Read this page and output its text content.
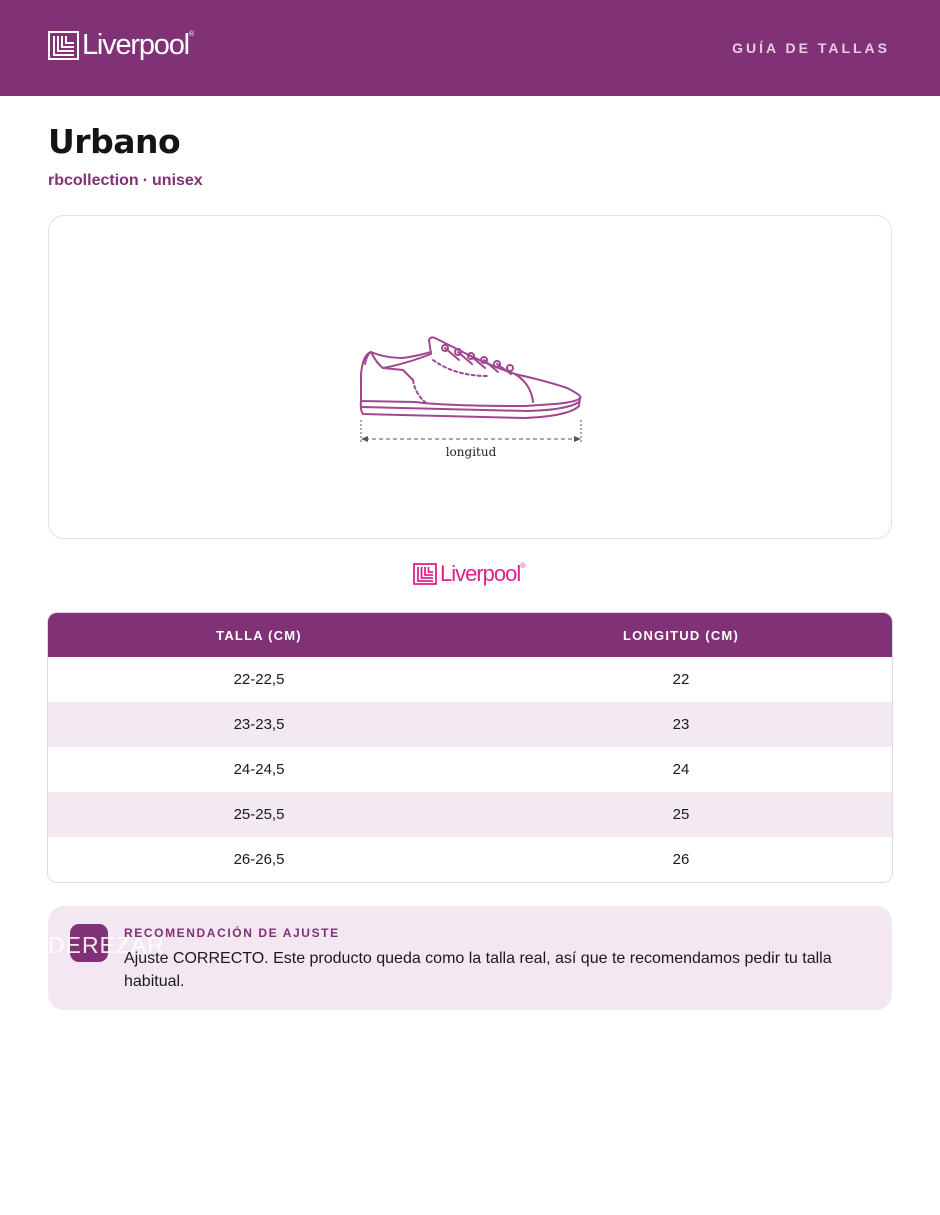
Liverpool®
GUÍA DE TALLAS
Urbano
rbcollection · unisex
longitud
Liverpool®
TALLA (CM)	LONGITUD (CM)
22-22,5	22
23-23,5	23
24-24,5	24
25-25,5	25
26-26,5	26
DEREZAR
RECOMENDACIÓN DE AJUSTE
Ajuste CORRECTO. Este producto queda como la talla real, así que te recomendamos pedir tu talla habitual.
